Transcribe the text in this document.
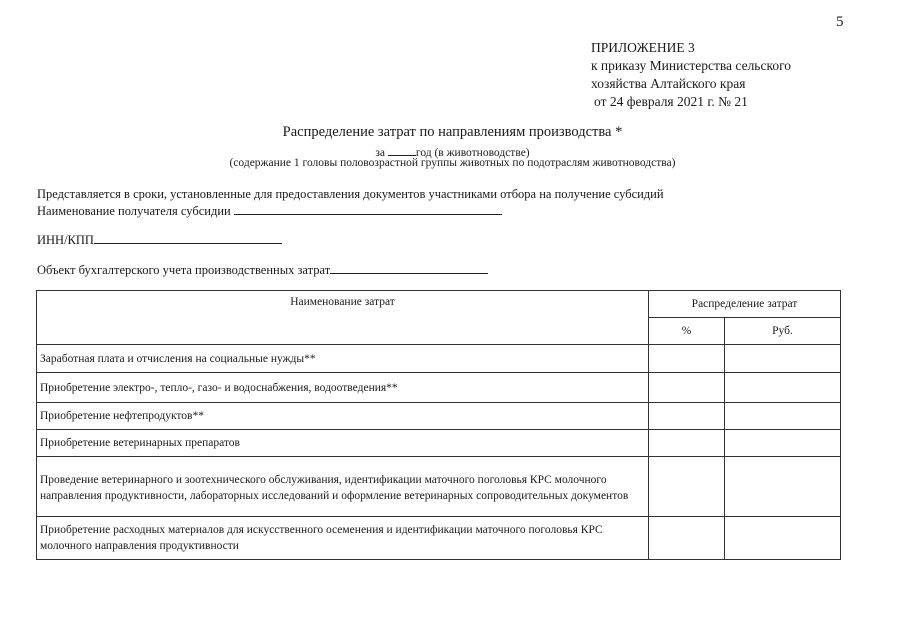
5
ПРИЛОЖЕНИЕ 3
к приказу Министерства сельского
хозяйства Алтайского края
от 24 февраля 2021 г. № 21
Распределение затрат по направлениям производства *
за	год (в животноводстве)
(содержание 1 головы половозрастной группы животных по подотраслям животноводства)
Представляется в сроки, установленные для предоставления документов участниками отбора на получение субсидий
Наименование получателя субсидии
ИНН/КПП
Объект бухгалтерского учета производственных затрат
Наименование затрат	Распределение затрат	
	%	Руб.
Заработная плата и отчисления на социальные нужды**		
Приобретение электро-, тепло-, газо- и водоснабжения, водоотведения**		
Приобретение нефтепродуктов**		
Приобретение ветеринарных препаратов		
Проведение ветеринарного и зоотехнического обслуживания, идентификации маточного поголовья КРС молочного направления продуктивности, лабораторных исследований и оформление ветеринарных сопроводительных документов		
Приобретение расходных материалов для искусственного осеменения и идентификации маточного поголовья КРС молочного направления продуктивности		
